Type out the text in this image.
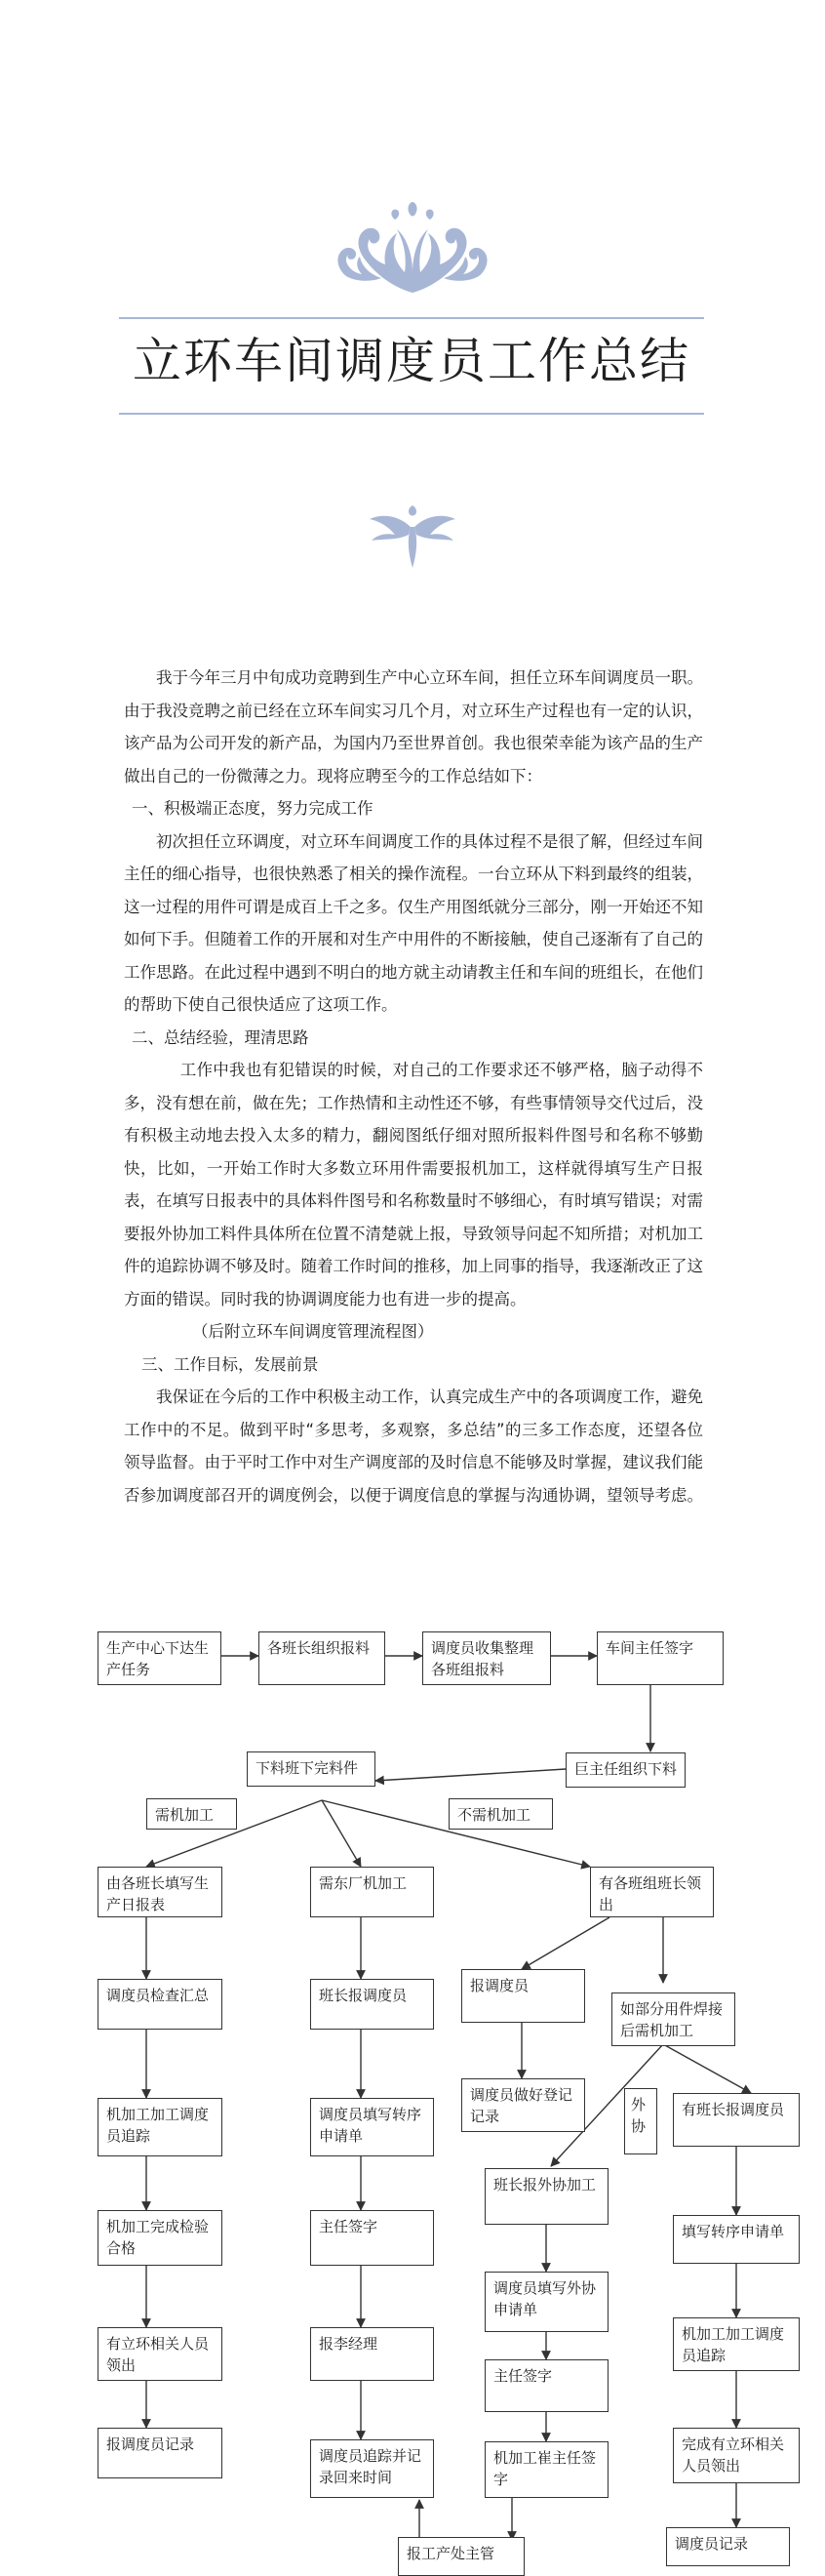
立环车间调度员工作总结

我于今年三月中旬成功竞聘到生产中心立环车间，担任立环车间调度员一职。由于我没竞聘之前已经在立环车间实习几个月，对立环生产过程也有一定的认识，该产品为公司开发的新产品，为国内乃至世界首创。我也很荣幸能为该产品的生产做出自己的一份微薄之力。现将应聘至今的工作总结如下：

一、积极端正态度，努力完成工作

初次担任立环调度，对立环车间调度工作的具体过程不是很了解，但经过车间主任的细心指导，也很快熟悉了相关的操作流程。一台立环从下料到最终的组装，这一过程的用件可谓是成百上千之多。仅生产用图纸就分三部分，刚一开始还不知如何下手。但随着工作的开展和对生产中用件的不断接触，使自己逐渐有了自己的工作思路。在此过程中遇到不明白的地方就主动请教主任和车间的班组长，在他们的帮助下使自己很快适应了这项工作。

二、总结经验，理清思路

工作中我也有犯错误的时候，对自己的工作要求还不够严格，脑子动得不多，没有想在前，做在先；工作热情和主动性还不够，有些事情领导交代过后，没有积极主动地去投入太多的精力，翻阅图纸仔细对照所报料件图号和名称不够勤快，比如，一开始工作时大多数立环用件需要报机加工，这样就得填写生产日报表，在填写日报表中的具体料件图号和名称数量时不够细心，有时填写错误；对需要报外协加工料件具体所在位置不清楚就上报，导致领导问起不知所措；对机加工件的追踪协调不够及时。随着工作时间的推移，加上同事的指导，我逐渐改正了这方面的错误。同时我的协调调度能力也有进一步的提高。

（后附立环车间调度管理流程图）

三、工作目标，发展前景

我保证在今后的工作中积极主动工作，认真完成生产中的各项调度工作，避免工作中的不足。做到平时“多思考，多观察，多总结”的三多工作态度，还望各位领导监督。由于平时工作中对生产调度部的及时信息不能够及时掌握，建议我们能否参加调度部召开的调度例会，以便于调度信息的掌握与沟通协调，望领导考虑。

生产中心下达生产任务
各班长组织报料	调度员收集整理各班组报料
车间主任签字
巨主任组织下料
下料班下完料件
需机加工	不需机加工
由各班长填写生产日报表
需东厂机加工	有各班组班长领出
调度员检查汇总	班长报调度员
报调度员
如部分用件焊接后需机加工
调度员做好登记记录
外协
机加工加工调度员追踪
调度员填写转序申请单
有班长报调度员
班长报外协加工
机加工完成检验合格
主任签字	填写转序申请单
调度员填写外协申请单
机加工加工调度员追踪
有立环相关人员领出
报李经理
主任签字
报调度员记录	完成有立环相关人员领出
调度员追踪并记录回来时间
机加工崔主任签字
报工产处主管
调度员记录
